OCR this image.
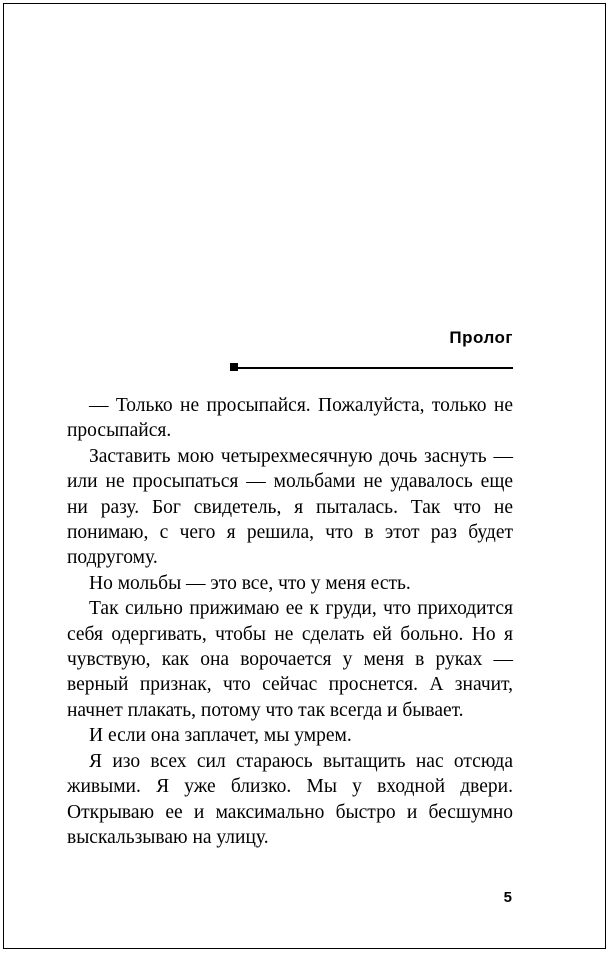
Пролог

— Только не просыпайся. Пожалуйста, только не просыпайся.

Заставить мою четырехмесячную дочь заснуть — или не просыпаться — мольбами не удавалось еще ни разу. Бог свидетель, я пыталась. Так что не понимаю, с чего я решила, что в этот раз будет подругому.

Но мольбы — это все, что у меня есть.

Так сильно прижимаю ее к груди, что приходится себя одергивать, чтобы не сделать ей больно. Но я чувствую, как она ворочается у меня в руках — верный признак, что сейчас проснется. А значит, начнет плакать, потому что так всегда и бывает.

И если она заплачет, мы умрем.

Я изо всех сил стараюсь вытащить нас отсюда живыми. Я уже близко. Мы у входной двери. Открываю ее и максимально быстро и бесшумно выскальзываю на улицу.

5
